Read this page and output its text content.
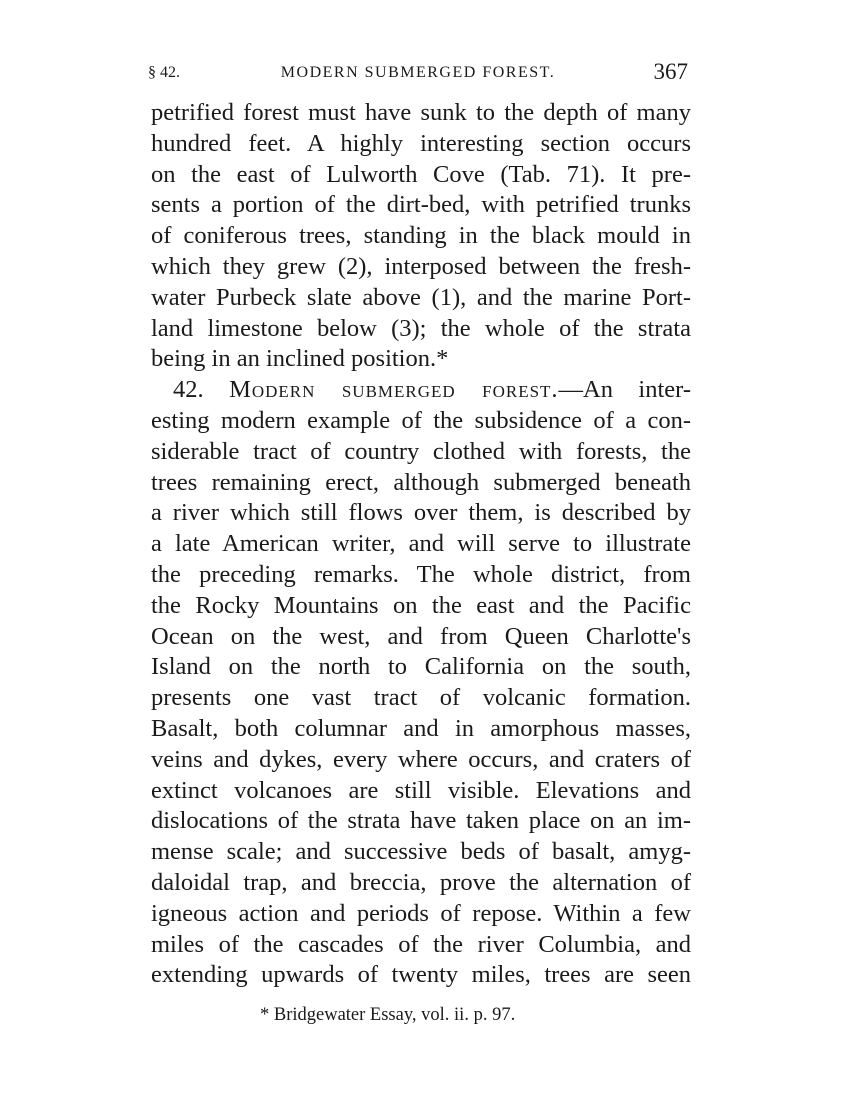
§ 42.	MODERN SUBMERGED FOREST.	367
petrified forest must have sunk to the depth of many
hundred feet. A highly interesting section occurs
on the east of Lulworth Cove (Tab. 71). It pre-
sents a portion of the dirt-bed, with petrified trunks
of coniferous trees, standing in the black mould in
which they grew (2), interposed between the fresh-
water Purbeck slate above (1), and the marine Port-
land limestone below (3); the whole of the strata
being in an inclined position.*
42. Modern submerged forest.—An inter-
esting modern example of the subsidence of a con-
siderable tract of country clothed with forests, the
trees remaining erect, although submerged beneath
a river which still flows over them, is described by
a late American writer, and will serve to illustrate
the preceding remarks. The whole district, from
the Rocky Mountains on the east and the Pacific
Ocean on the west, and from Queen Charlotte's
Island on the north to California on the south,
presents one vast tract of volcanic formation.
Basalt, both columnar and in amorphous masses,
veins and dykes, every where occurs, and craters of
extinct volcanoes are still visible. Elevations and
dislocations of the strata have taken place on an im-
mense scale; and successive beds of basalt, amyg-
daloidal trap, and breccia, prove the alternation of
igneous action and periods of repose. Within a few
miles of the cascades of the river Columbia, and
extending upwards of twenty miles, trees are seen
* Bridgewater Essay, vol. ii. p. 97.
